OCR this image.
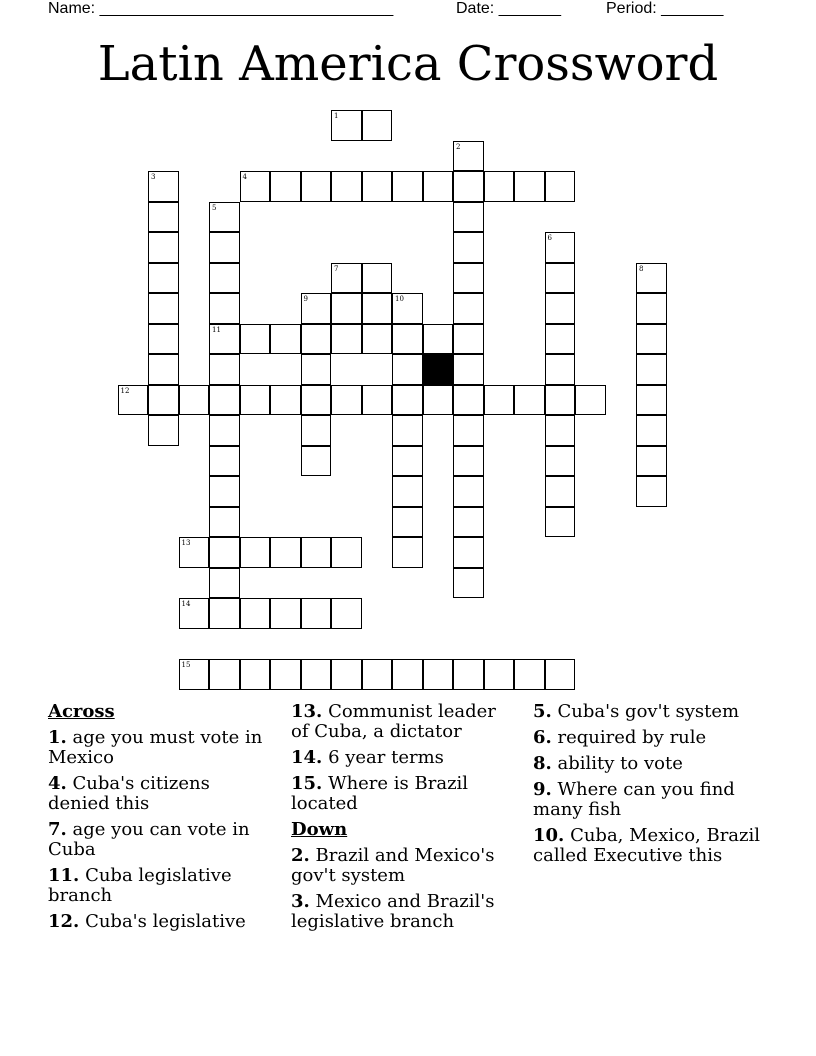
Name: _________________________________	Date: _______	Period: _______
Latin America Crossword
1
2
3	4
5
6
7	8
9	10
11
12
13
14
15
Across
1. age you must vote in Mexico
4. Cuba's citizens denied this
7. age you can vote in Cuba
11. Cuba legislative branch
12. Cuba's legislative
13. Communist leader of Cuba, a dictator
14. 6 year terms
15. Where is Brazil located
Down
2. Brazil and Mexico's gov't system
3. Mexico and Brazil's legislative branch
5. Cuba's gov't system
6. required by rule
8. ability to vote
9. Where can you find many fish
10. Cuba, Mexico, Brazil called Executive this
